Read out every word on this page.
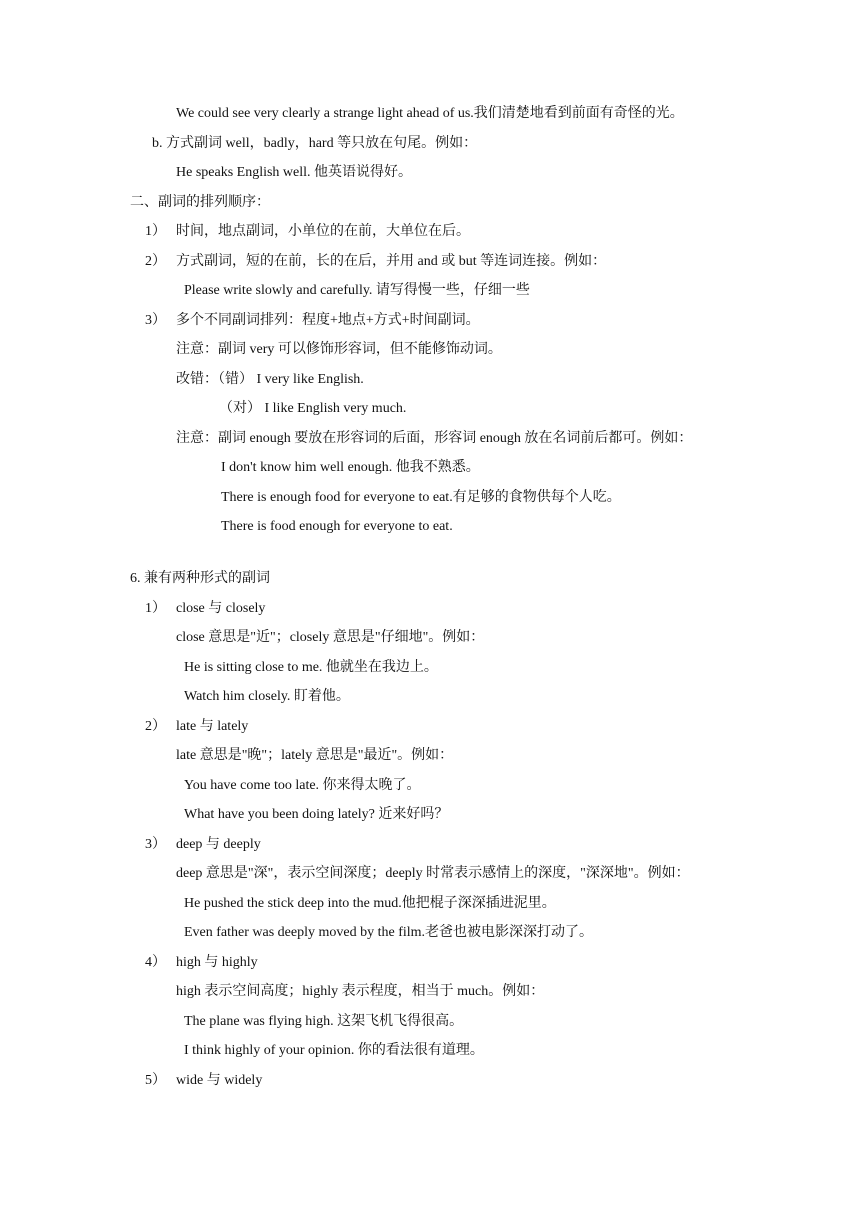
We could see very clearly a strange light ahead of us.我们清楚地看到前面有奇怪的光。
b. 方式副词 well，badly，hard 等只放在句尾。例如：
He speaks English well. 他英语说得好。
二、副词的排列顺序：
1） 时间，地点副词，小单位的在前，大单位在后。
2） 方式副词，短的在前，长的在后，并用 and 或 but 等连词连接。例如：
Please write slowly and carefully. 请写得慢一些，仔细一些
3） 多个不同副词排列：程度+地点+方式+时间副词。
注意：副词 very 可以修饰形容词，但不能修饰动词。
改错：（错） I very like English.
（对） I like English very much.
注意：副词 enough 要放在形容词的后面，形容词 enough 放在名词前后都可。例如：
I don't know him well enough. 他我不熟悉。
There is enough food for everyone to eat.有足够的食物供每个人吃。
There is food enough for everyone to eat.
6. 兼有两种形式的副词
1） close 与 closely
close 意思是"近"；closely 意思是"仔细地"。例如：
He is sitting close to me. 他就坐在我边上。
Watch him closely. 盯着他。
2） late 与 lately
late 意思是"晚"；lately 意思是"最近"。例如：
You have come too late. 你来得太晚了。
What have you been doing lately? 近来好吗？
3） deep 与 deeply
deep 意思是"深"，表示空间深度；deeply 时常表示感情上的深度，"深深地"。例如：
He pushed the stick deep into the mud.他把棍子深深插进泥里。
Even father was deeply moved by the film.老爸也被电影深深打动了。
4） high 与 highly
high 表示空间高度；highly 表示程度，相当于 much。例如：
The plane was flying high. 这架飞机飞得很高。
I think highly of your opinion. 你的看法很有道理。
5） wide 与 widely
